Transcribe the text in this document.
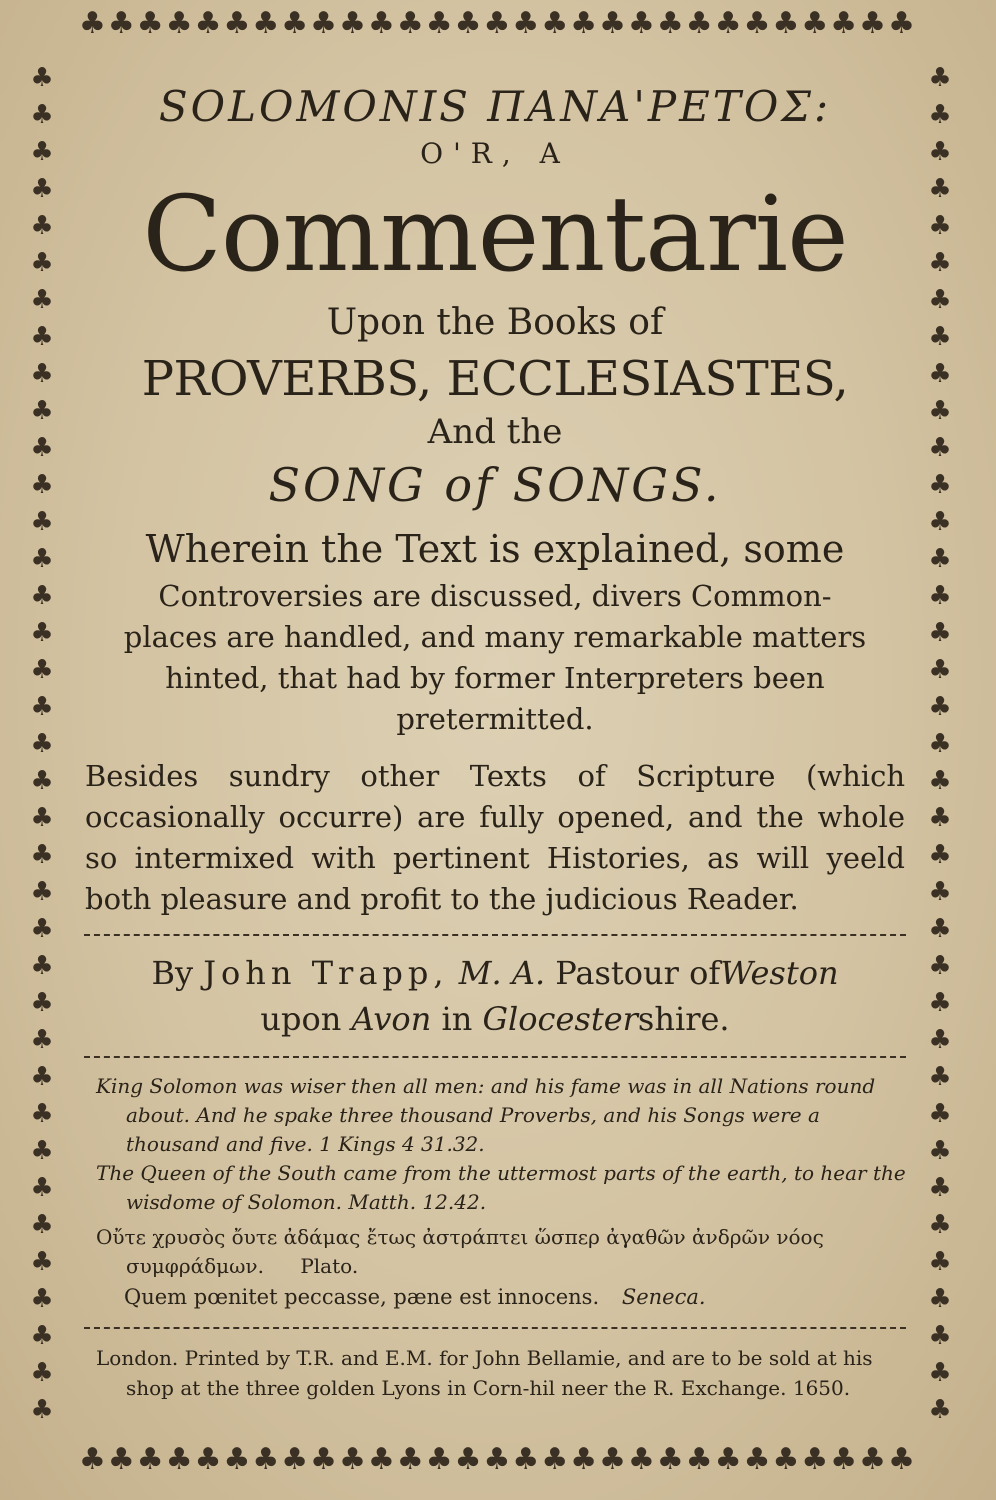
♣♣♣♣♣♣♣♣♣♣♣♣♣♣♣♣♣♣♣♣♣♣♣♣♣♣♣♣♣
♣
♣
♣
♣
♣
♣
♣
♣
♣
♣
♣
♣
♣
♣
♣
♣
♣
♣
♣
♣
♣
♣
♣
♣
♣
♣
♣
♣
♣
♣
♣
♣
♣
♣
♣
♣
♣
♣
♣
♣
♣
♣
♣
♣
♣
♣
♣
♣
♣
♣
♣
♣
♣
♣
♣
♣
♣
♣
♣
♣
♣
♣
♣
♣
♣
♣
♣
♣
♣
♣
♣
♣
♣
♣
♣♣♣♣♣♣♣♣♣♣♣♣♣♣♣♣♣♣♣♣♣♣♣♣♣♣♣♣♣
SOLOMONIS ΠΑΝΑ'ΡΕΤΟΣ:
O'R, A
Commentarie
Upon the Books of
PROVERBS, ECCLESIASTES,
And the
SONG of SONGS.
Wherein the Text is explained, some
Controversies are discussed, divers Common-places are handled, and many remarkable matters hinted, that had by former Interpreters been pretermitted.
Besides sundry other Texts of Scripture (which occasionally occurre) are fully opened, and the whole so intermixed with pertinent Histories, as will yeeld both pleasure and profit to the judicious Reader.
By John Trapp, M. A. Pastour ofWeston
upon Avon in Glocestershire.
King Solomon was wiser then all men: and his fame was in all Nations round about. And he spake three thousand Proverbs, and his Songs were a thousand and five. 1 Kings 4 31.32.
The Queen of the South came from the uttermost parts of the earth, to hear the wisdome of Solomon. Matth. 12.42.
Οὔτε χρυσὸς ὄυτε ἀδάμας ἔτως ἀστράπτει ὥσπερ ἀγαθῶν ἀνδρῶν νόος συμφράδμων. Plato.
Quem pœnitet peccasse, pæne est innocens. Seneca.
London. Printed by T.R. and E.M. for John Bellamie, and are to be sold at his shop at the three golden Lyons in Corn-hil neer the R. Exchange. 1650.
